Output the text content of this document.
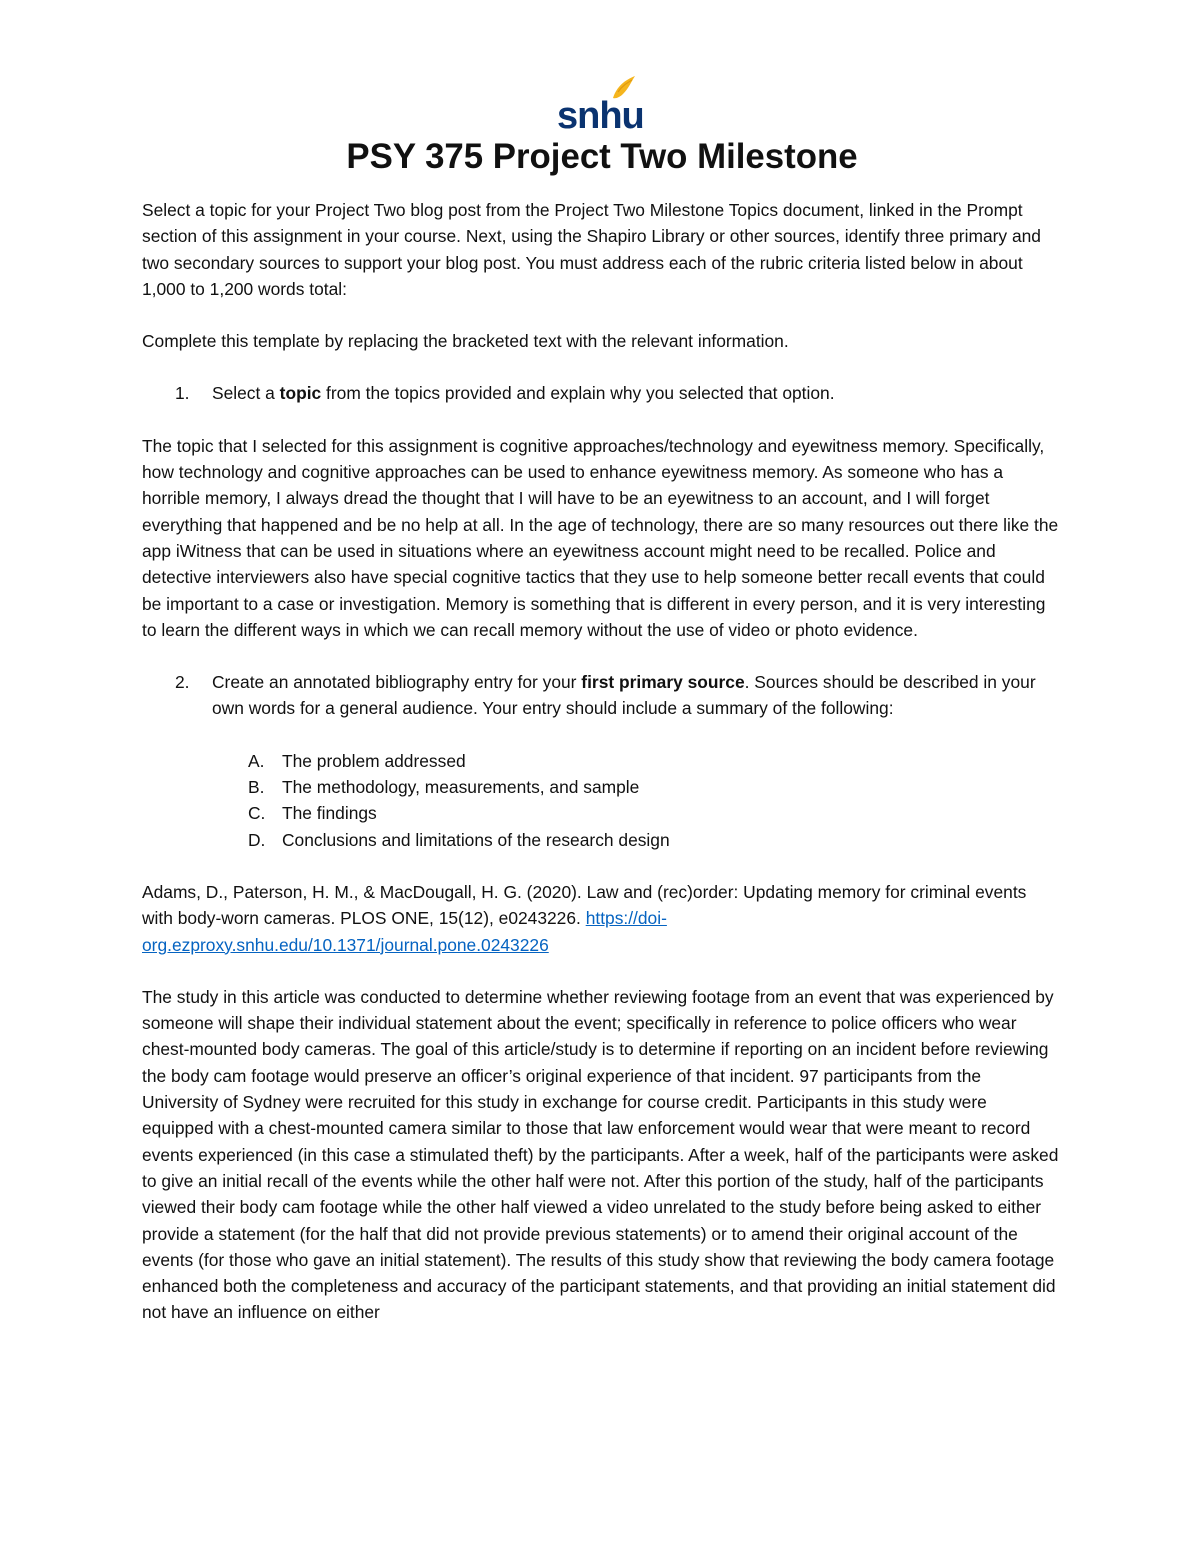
snhu
PSY 375 Project Two Milestone

Select a topic for your Project Two blog post from the Project Two Milestone Topics document, linked in the Prompt section of this assignment in your course. Next, using the Shapiro Library or other sources, identify three primary and two secondary sources to support your blog post. You must address each of the rubric criteria listed below in about 1,000 to 1,200 words total:

Complete this template by replacing the bracketed text with the relevant information.

1. Select a topic from the topics provided and explain why you selected that option.

The topic that I selected for this assignment is cognitive approaches/technology and eyewitness memory. Specifically, how technology and cognitive approaches can be used to enhance eyewitness memory. As someone who has a horrible memory, I always dread the thought that I will have to be an eyewitness to an account, and I will forget everything that happened and be no help at all. In the age of technology, there are so many resources out there like the app iWitness that can be used in situations where an eyewitness account might need to be recalled. Police and detective interviewers also have special cognitive tactics that they use to help someone better recall events that could be important to a case or investigation. Memory is something that is different in every person, and it is very interesting to learn the different ways in which we can recall memory without the use of video or photo evidence.

2. Create an annotated bibliography entry for your first primary source. Sources should be described in your own words for a general audience. Your entry should include a summary of the following:
A. The problem addressed
B. The methodology, measurements, and sample
C. The findings
D. Conclusions and limitations of the research design

Adams, D., Paterson, H. M., & MacDougall, H. G. (2020). Law and (rec)order: Updating memory for criminal events with body-worn cameras. PLOS ONE, 15(12), e0243226. https://doi-org.ezproxy.snhu.edu/10.1371/journal.pone.0243226

The study in this article was conducted to determine whether reviewing footage from an event that was experienced by someone will shape their individual statement about the event; specifically in reference to police officers who wear chest-mounted body cameras. The goal of this article/study is to determine if reporting on an incident before reviewing the body cam footage would preserve an officer’s original experience of that incident. 97 participants from the University of Sydney were recruited for this study in exchange for course credit. Participants in this study were equipped with a chest-mounted camera similar to those that law enforcement would wear that were meant to record events experienced (in this case a stimulated theft) by the participants. After a week, half of the participants were asked to give an initial recall of the events while the other half were not. After this portion of the study, half of the participants viewed their body cam footage while the other half viewed a video unrelated to the study before being asked to either provide a statement (for the half that did not provide previous statements) or to amend their original account of the events (for those who gave an initial statement). The results of this study show that reviewing the body camera footage enhanced both the completeness and accuracy of the participant statements, and that providing an initial statement did not have an influence on either
